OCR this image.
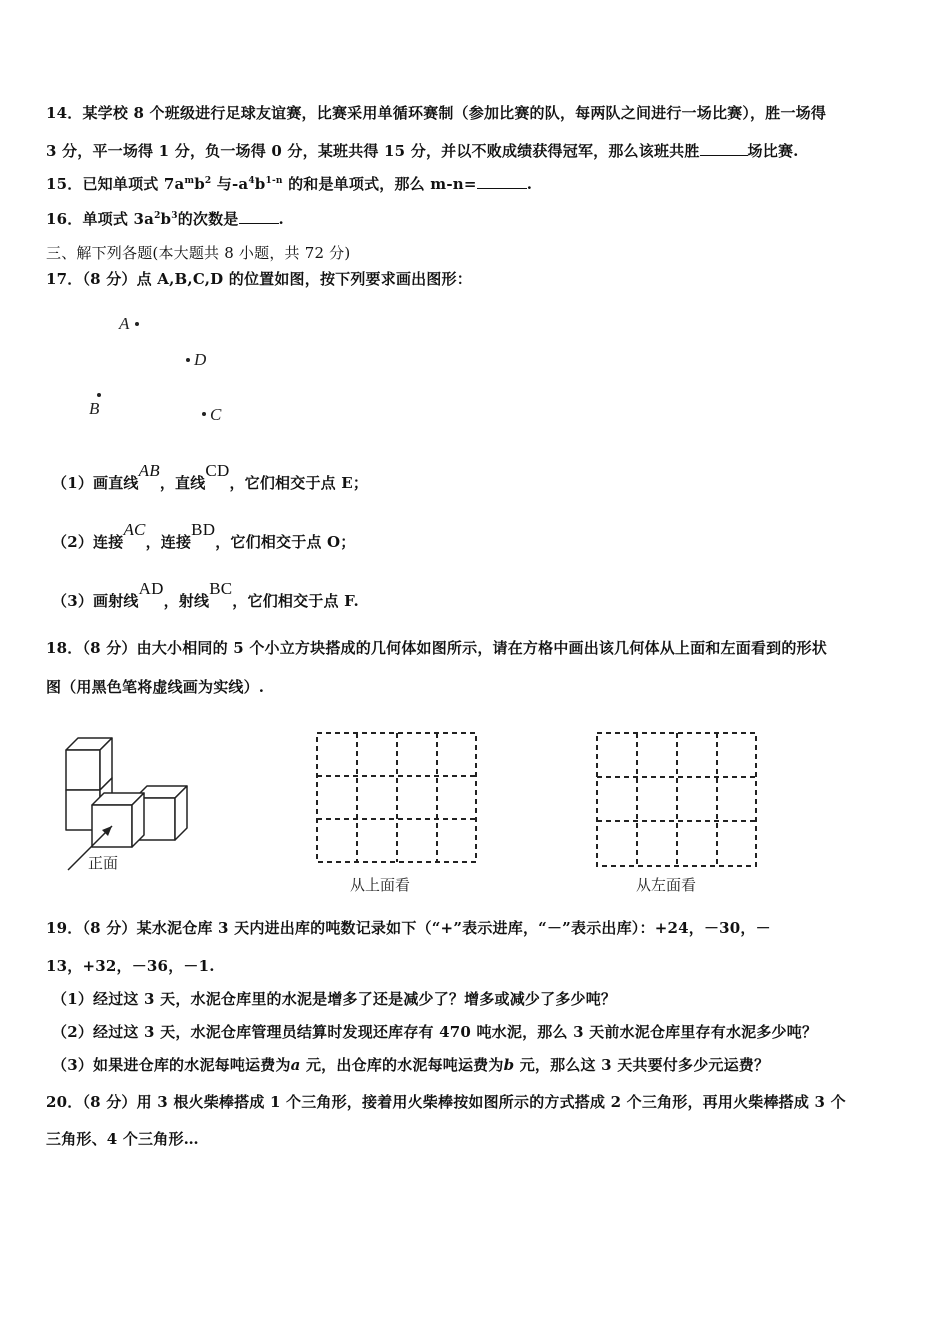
14．某学校 8 个班级进行足球友谊赛，比赛采用单循环赛制（参加比赛的队，每两队之间进行一场比赛），胜一场得
3 分，平一场得 1 分，负一场得 0 分，某班共得 15 分，并以不败成绩获得冠军，那么该班共胜	场比赛.
15．已知单项式 $7a^mb^2$ 与$-a^4b^{1-n}$ 的和是单项式，那么 m-n=	.
16．单项式 $3a^2b^3$的次数是	.
三、解下列各题(本大题共 8 小题，共 72 分)
17．（8 分）点 A,B,C,D 的位置如图，按下列要求画出图形：
A
D
B	C
（1）画直线AB，直线CD，它们相交于点 E；
（2）连接AC，连接BD，它们相交于点 O；
（3）画射线AD，射线BC，它们相交于点 F.
18．（8 分）由大小相同的 5 个小立方块搭成的几何体如图所示，请在方格中画出该几何体从上面和左面看到的形状
图（用黑色笔将虚线画为实线）.
正面
从上面看	从左面看
19．（8 分）某水泥仓库 3 天内进出库的吨数记录如下（“+”表示进库，“－”表示出库）：+24，－30，－
13，+32，－36，－1.
（1）经过这 3 天，水泥仓库里的水泥是增多了还是减少了？增多或减少了多少吨？
（2）经过这 3 天，水泥仓库管理员结算时发现还库存有 470 吨水泥，那么 3 天前水泥仓库里存有水泥多少吨？
（3）如果进仓库的水泥每吨运费为a 元，出仓库的水泥每吨运费为b 元，那么这 3 天共要付多少元运费？
20．（8 分）用 3 根火柴棒搭成 1 个三角形，接着用火柴棒按如图所示的方式搭成 2 个三角形，再用火柴棒搭成 3 个
三角形、4 个三角形…
